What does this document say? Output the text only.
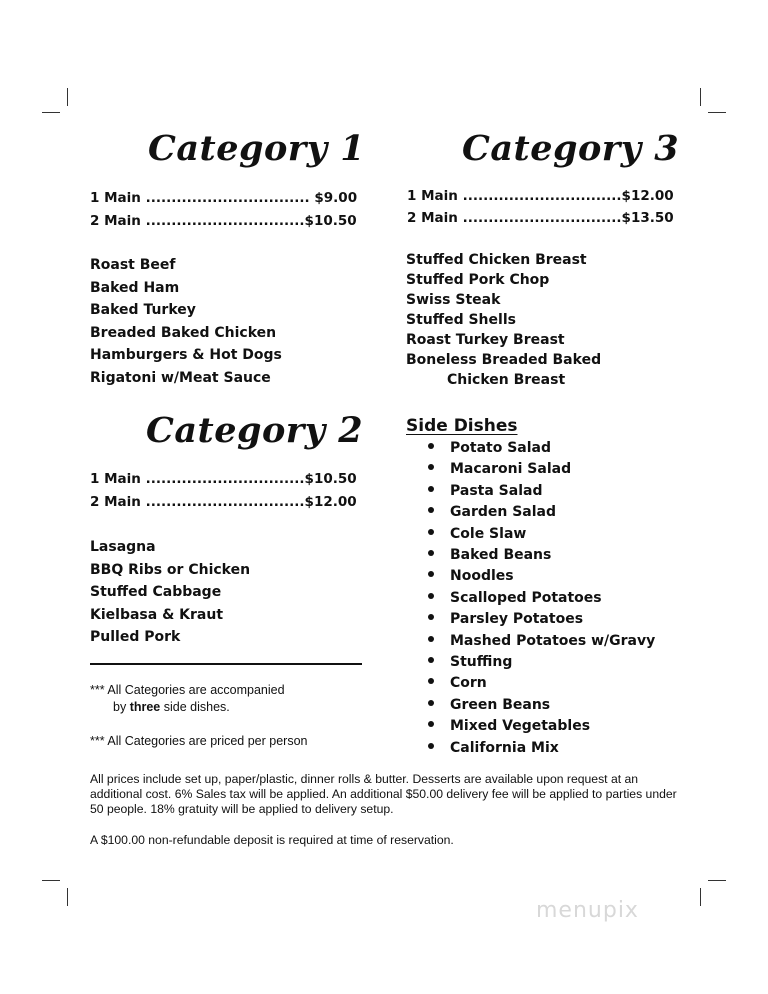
Category 1
1 Main ................................ $9.00
2 Main ...............................$10.50
Roast Beef
Baked Ham
Baked Turkey
Breaded Baked Chicken
Hamburgers & Hot Dogs
Rigatoni w/Meat Sauce
Category 2
1 Main ...............................$10.50
2 Main ...............................$12.00
Lasagna
BBQ Ribs or Chicken
Stuffed Cabbage
Kielbasa & Kraut
Pulled Pork
*** All Categories are accompanied
by three side dishes.
*** All Categories are priced per person
Category 3
1 Main ...............................$12.00
2 Main ...............................$13.50
Stuffed Chicken Breast
Stuffed Pork Chop
Swiss Steak
Stuffed Shells
Roast Turkey Breast
Boneless Breaded Baked
Chicken Breast
Side Dishes
Potato Salad
Macaroni Salad
Pasta Salad
Garden Salad
Cole Slaw
Baked Beans
Noodles
Scalloped Potatoes
Parsley Potatoes
Mashed Potatoes w/Gravy
Stuffing
Corn
Green Beans
Mixed Vegetables
California Mix
All prices include set up, paper/plastic, dinner rolls & butter. Desserts are available upon request at an additional cost. 6% Sales tax will be applied. An additional $50.00 delivery fee will be applied to parties under 50 people. 18% gratuity will be applied to delivery setup.
A $100.00 non-refundable deposit is required at time of reservation.
menupix
